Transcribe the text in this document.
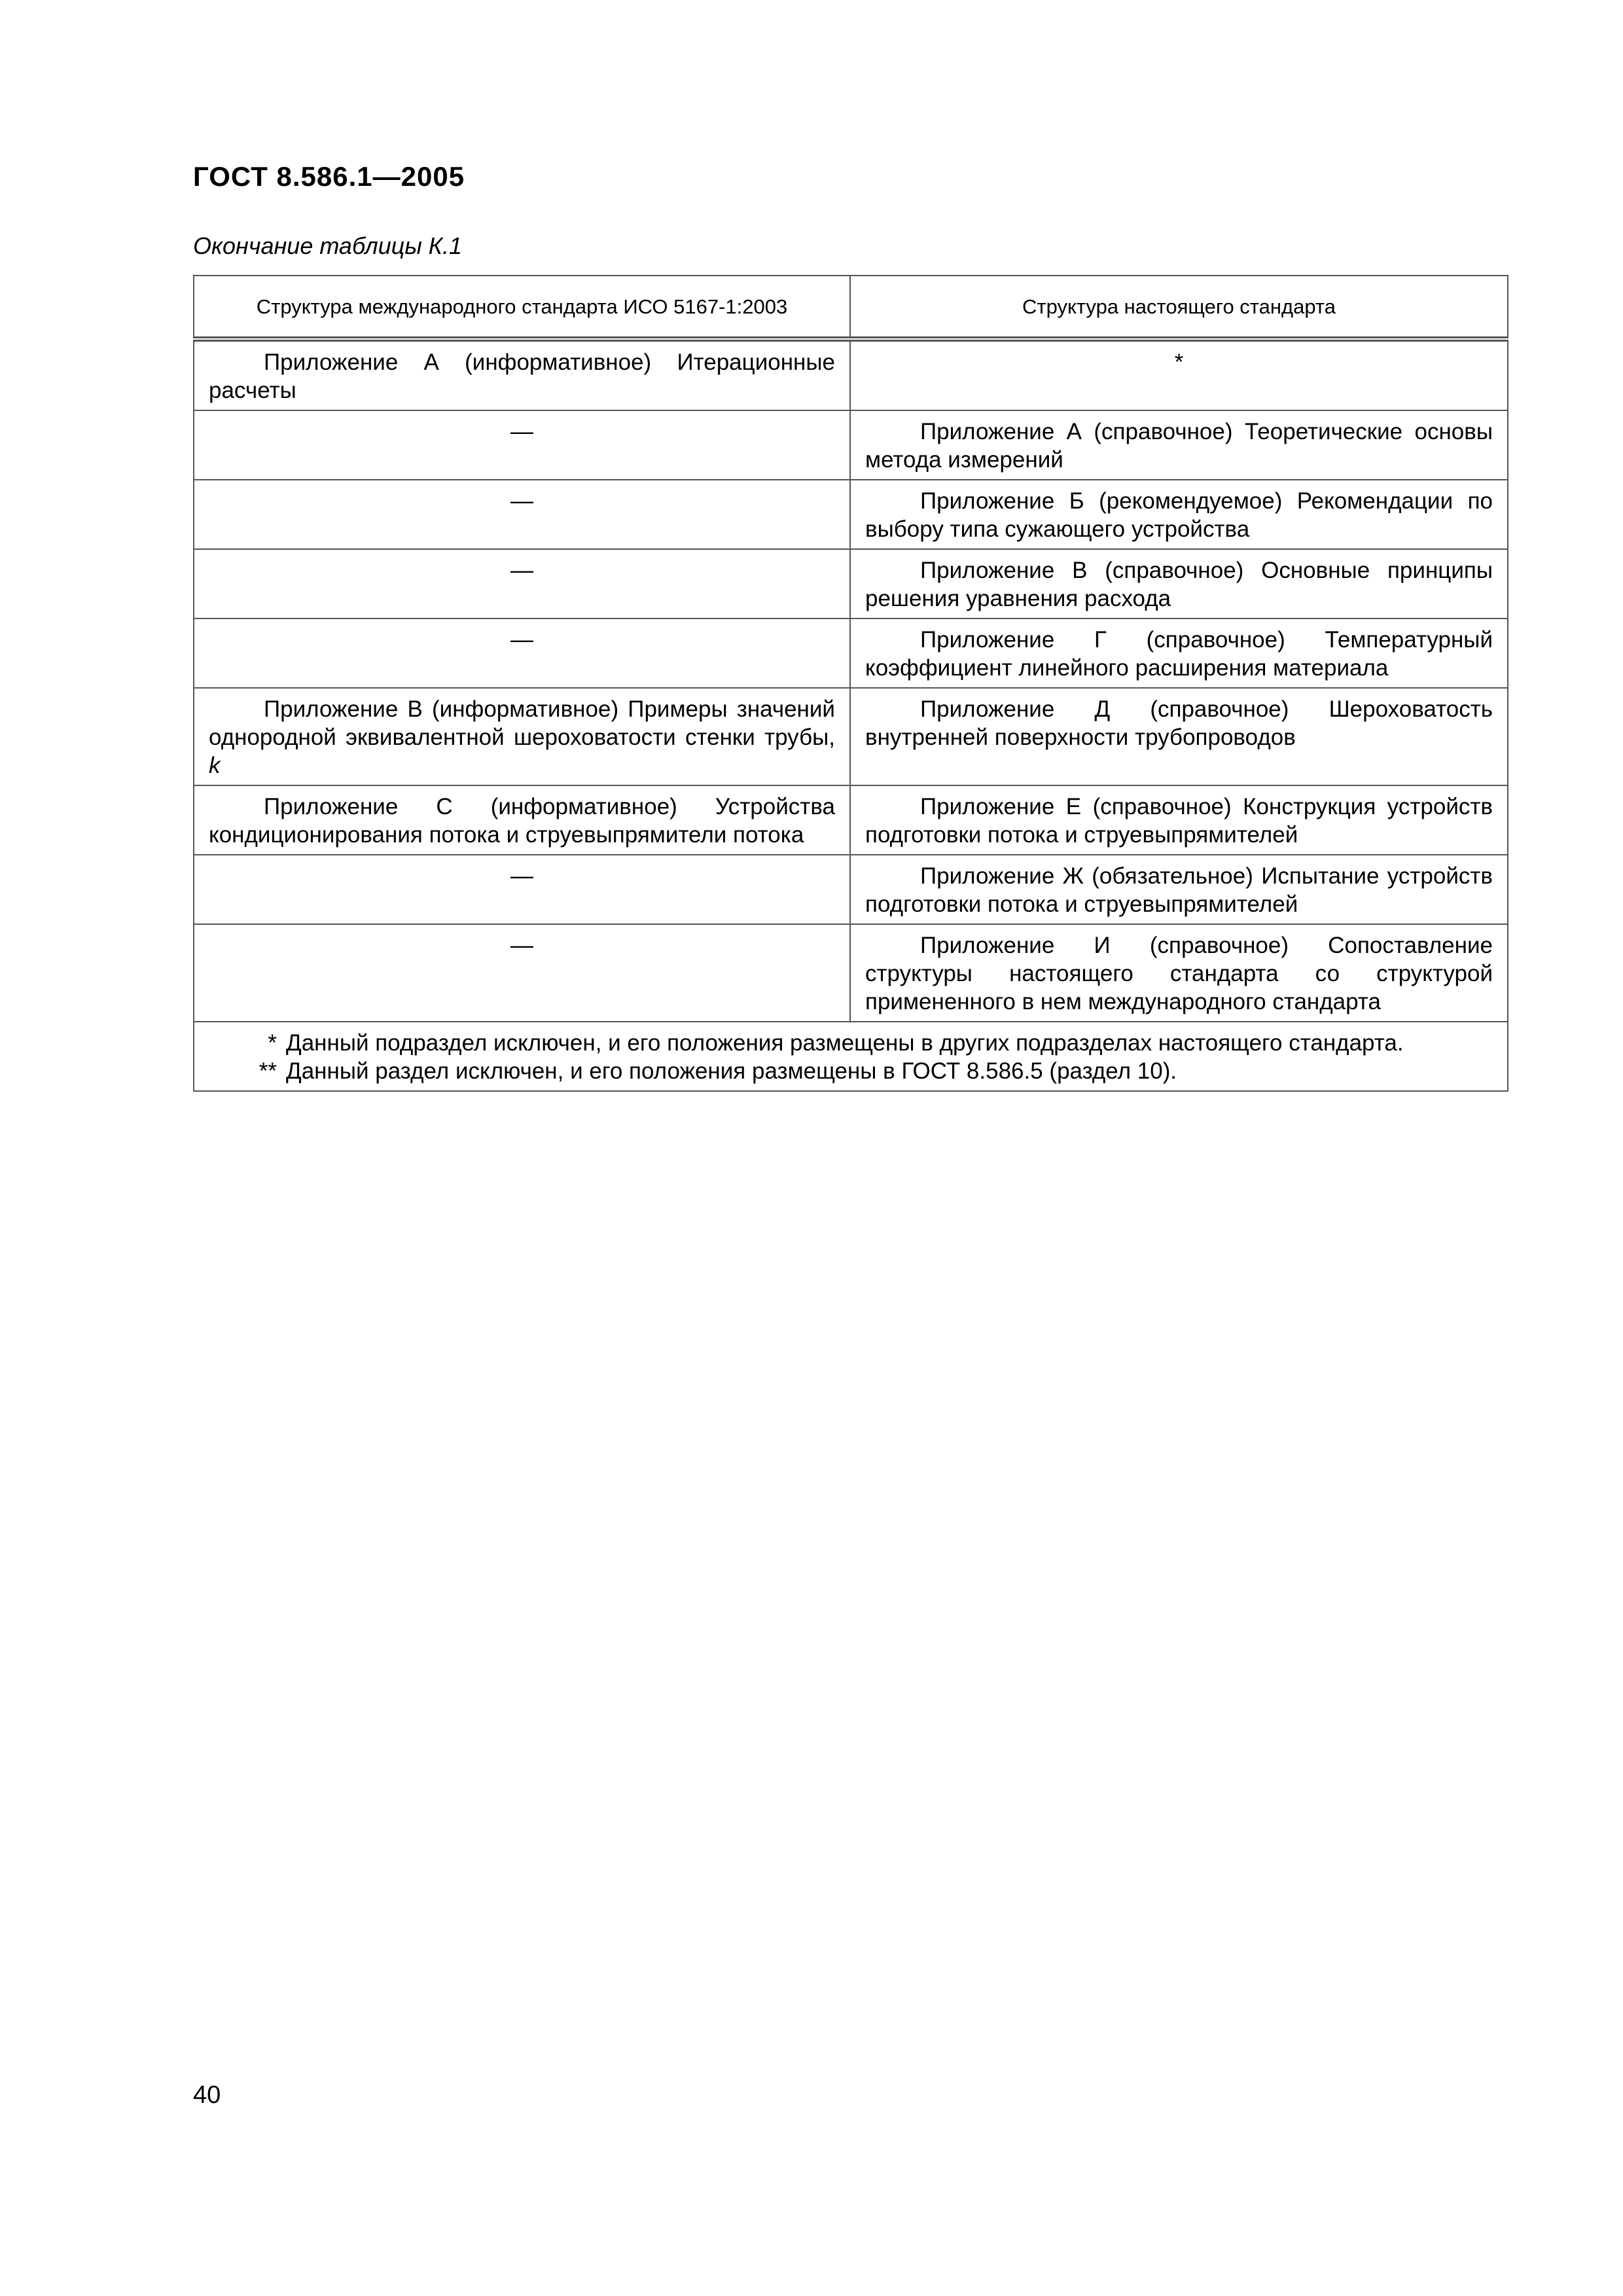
ГОСТ 8.586.1—2005
Окончание таблицы К.1
Структура международного стандарта ИСО 5167-1:2003	Структура настоящего стандарта

Приложение А (информативное) Итерационные расчеты	*
—	Приложение А (справочное) Теоретические основы метода измерений

—	Приложение Б (рекомендуемое) Рекомендации по выбору типа сужающего устройства

—	Приложение В (справочное) Основные принципы решения уравнения расхода

—	Приложение Г (справочное) Температурный коэффициент линейного расширения материала

Приложение В (информативное) Примеры значений однородной эквивалентной шероховатости стенки трубы, k	Приложение Д (справочное) Шероховатость внутренней поверхности трубопроводов

Приложение С (информативное) Устройства кондиционирования потока и струевыпрямители потока	Приложение Е (справочное) Конструкция устройств подготовки потока и струевыпрямителей

—	Приложение Ж (обязательное) Испытание устройств подготовки потока и струевыпрямителей

—	Приложение И (справочное) Сопоставление структуры настоящего стандарта со структурой примененного в нем международного стандарта

* Данный подраздел исключен, и его положения размещены в других подразделах настоящего стандарта.
** Данный раздел исключен, и его положения размещены в ГОСТ 8.586.5 (раздел 10).	
40
